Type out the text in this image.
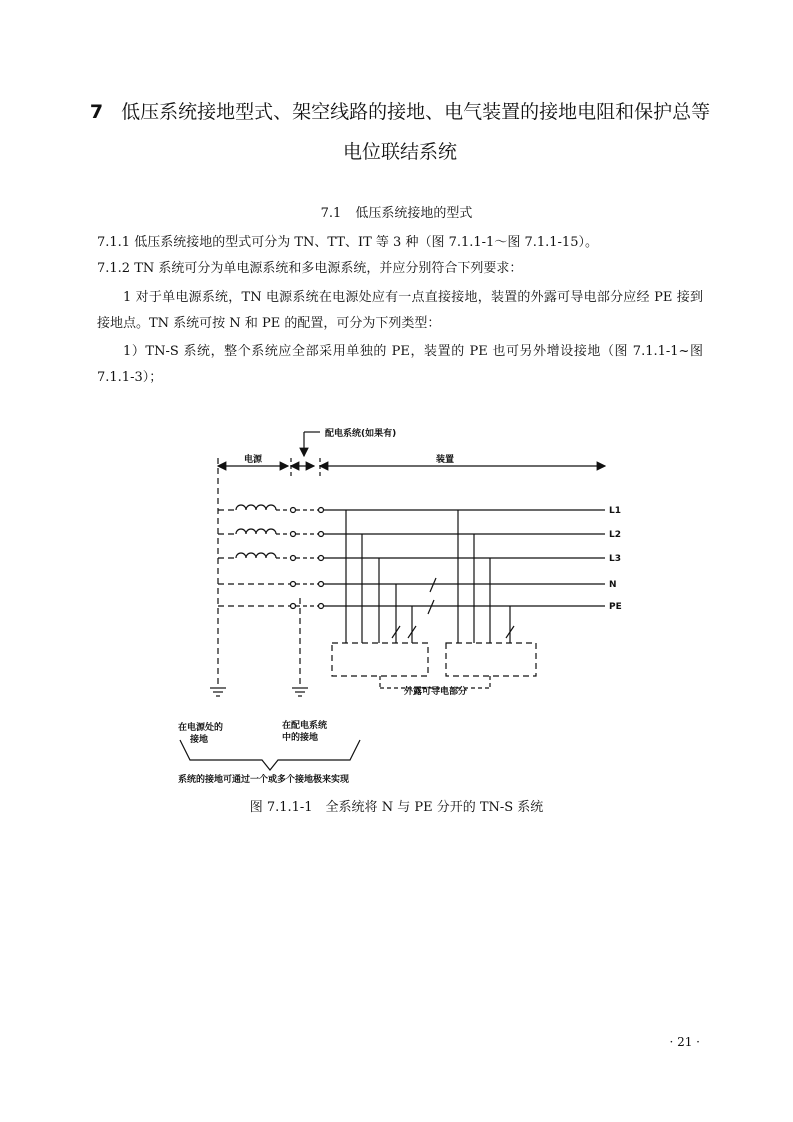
7 低压系统接地型式、架空线路的接地、电气装置的接地电阻和保护总等
电位联结系统
7.1 低压系统接地的型式
7.1.1 低压系统接地的型式可分为 TN、TT、IT 等 3 种（图 7.1.1-1～图 7.1.1-15）。
7.1.2 TN 系统可分为单电源系统和多电源系统，并应分别符合下列要求：
1 对于单电源系统，TN 电源系统在电源处应有一点直接接地，装置的外露可导电部分应经 PE 接到接地点。TN 系统可按 N 和 PE 的配置，可分为下列类型：
1）TN-S 系统，整个系统应全部采用单独的 PE，装置的 PE 也可另外增设接地（图 7.1.1-1~图 7.1.1-3）；
配电系统(如果有)
电源	装置
L1
L2
L3
N
PE
外露可导电部分
在电源处的
接地
在配电系统
中的接地
系统的接地可通过一个或多个接地极来实现
图 7.1.1-1　全系统将 N 与 PE 分开的 TN-S 系统
· 21 ·
